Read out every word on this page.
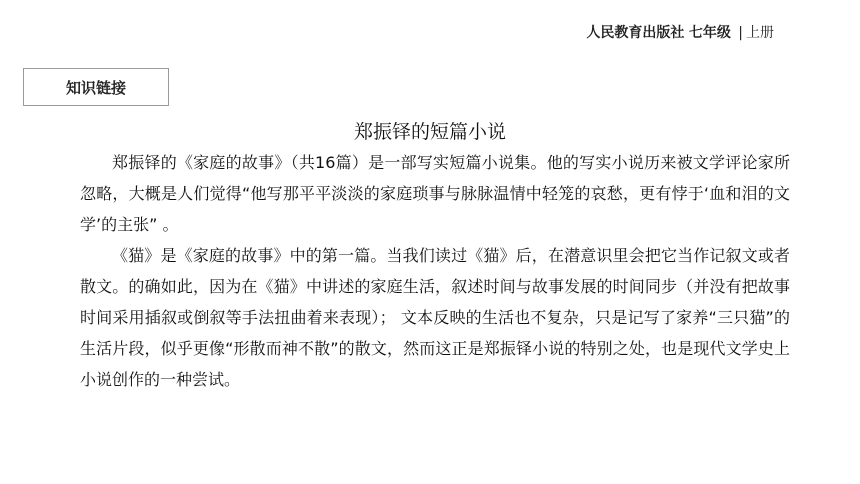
人民教育出版社 七年级 | 上册
知识链接
郑振铎的短篇小说

郑振铎的《家庭的故事》（共16篇）是一部写实短篇小说集。他的写实小说历来被文学评论家所忽略，大概是人们觉得“他写那平平淡淡的家庭琐事与脉脉温情中轻笼的哀愁，更有悖于‘血和泪的文学’的主张” 。

《猫》是《家庭的故事》中的第一篇。当我们读过《猫》后，在潜意识里会把它当作记叙文或者散文。的确如此，因为在《猫》中讲述的家庭生活，叙述时间与故事发展的时间同步（并没有把故事时间采用插叙或倒叙等手法扭曲着来表现）； 文本反映的生活也不复杂，只是记写了家养“三只猫”的生活片段，似乎更像“形散而神不散”的散文，然而这正是郑振铎小说的特别之处，也是现代文学史上小说创作的一种尝试。
